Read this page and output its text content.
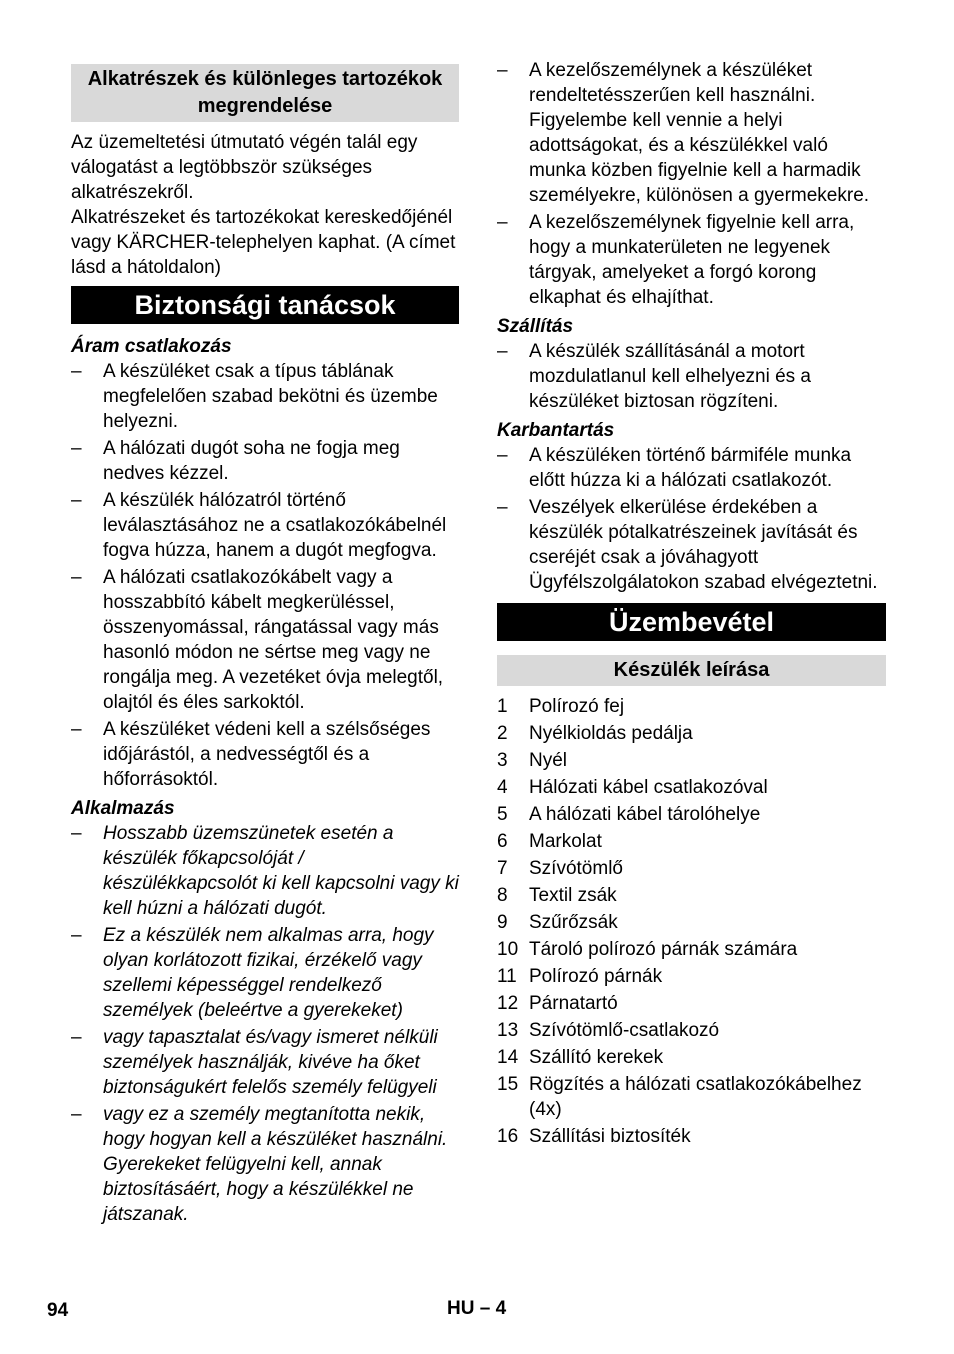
Alkatrészek és különleges tartozékok megrendelése

Az üzemeltetési útmutató végén talál egy válogatást a legtöbbször szükséges alkatrészekről.

Alkatrészeket és tartozékokat kereskedőjénél vagy KÄRCHER-telephelyen kaphat. (A címet lásd a hátoldalon)

Biztonsági tanácsok

Áram csatlakozás

–	A készüléket csak a típus táblának megfelelően szabad bekötni és üzembe helyezni.
–	A hálózati dugót soha ne fogja meg nedves kézzel.
–	A készülék hálózatról történő leválasztásához ne a csatlakozókábelnél fogva húzza, hanem a dugót megfogva.
–	A hálózati csatlakozókábelt vagy a hosszabbító kábelt megkerüléssel, összenyomással, rángatással vagy más hasonló módon ne sértse meg vagy ne rongálja meg. A vezetéket óvja melegtől, olajtól és éles sarkoktól.
–	A készüléket védeni kell a szélsőséges időjárástól, a nedvességtől és a hőforrásoktól.

Alkalmazás

–	Hosszabb üzemszünetek esetén a készülék főkapcsolóját / készülékkapcsolót ki kell kapcsolni vagy ki kell húzni a hálózati dugót.
–	Ez a készülék nem alkalmas arra, hogy olyan korlátozott fizikai, érzékelő vagy szellemi képességgel rendelkező személyek (beleértve a gyerekeket)
–	vagy tapasztalat és/vagy ismeret nélküli személyek használják, kivéve ha őket biztonságukért felelős személy felügyeli
–	vagy ez a személy megtanította nekik, hogy hogyan kell a készüléket használni. Gyerekeket felügyelni kell, annak biztosításáért, hogy a készülékkel ne játszanak.
–	A kezelőszemélynek a készüléket rendeltetésszerűen kell használni. Figyelembe kell vennie a helyi adottságokat, és a készülékkel való munka közben figyelnie kell a harmadik személyekre, különösen a gyermekekre.
–	A kezelőszemélynek figyelnie kell arra, hogy a munkaterületen ne legyenek tárgyak, amelyeket a forgó korong elkaphat és elhajíthat.

Szállítás

–	A készülék szállításánál a motort mozdulatlanul kell elhelyezni és a készüléket biztosan rögzíteni.

Karbantartás

–	A készüléken történő bármiféle munka előtt húzza ki a hálózati csatlakozót.
–	Veszélyek elkerülése érdekében a készülék pótalkatrészeinek javítását és cseréjét csak a jóváhagyott Ügyfélszolgálatokon szabad elvégeztetni.
Üzembevétel
Készülék leírása
1	Polírozó fej
2	Nyélkioldás pedálja
3	Nyél
4	Hálózati kábel csatlakozóval
5	A hálózati kábel tárolóhelye
6	Markolat
7	Szívótömlő
8	Textil zsák
9	Szűrőzsák
10 Tároló polírozó párnák számára
11 Polírozó párnák
12 Párnatartó
13 Szívótömlő-csatlakozó
14 Szállító kerekek
15 Rögzítés a hálózati csatlakozókábelhez (4x)
16 Szállítási biztosíték
94	HU – 4
